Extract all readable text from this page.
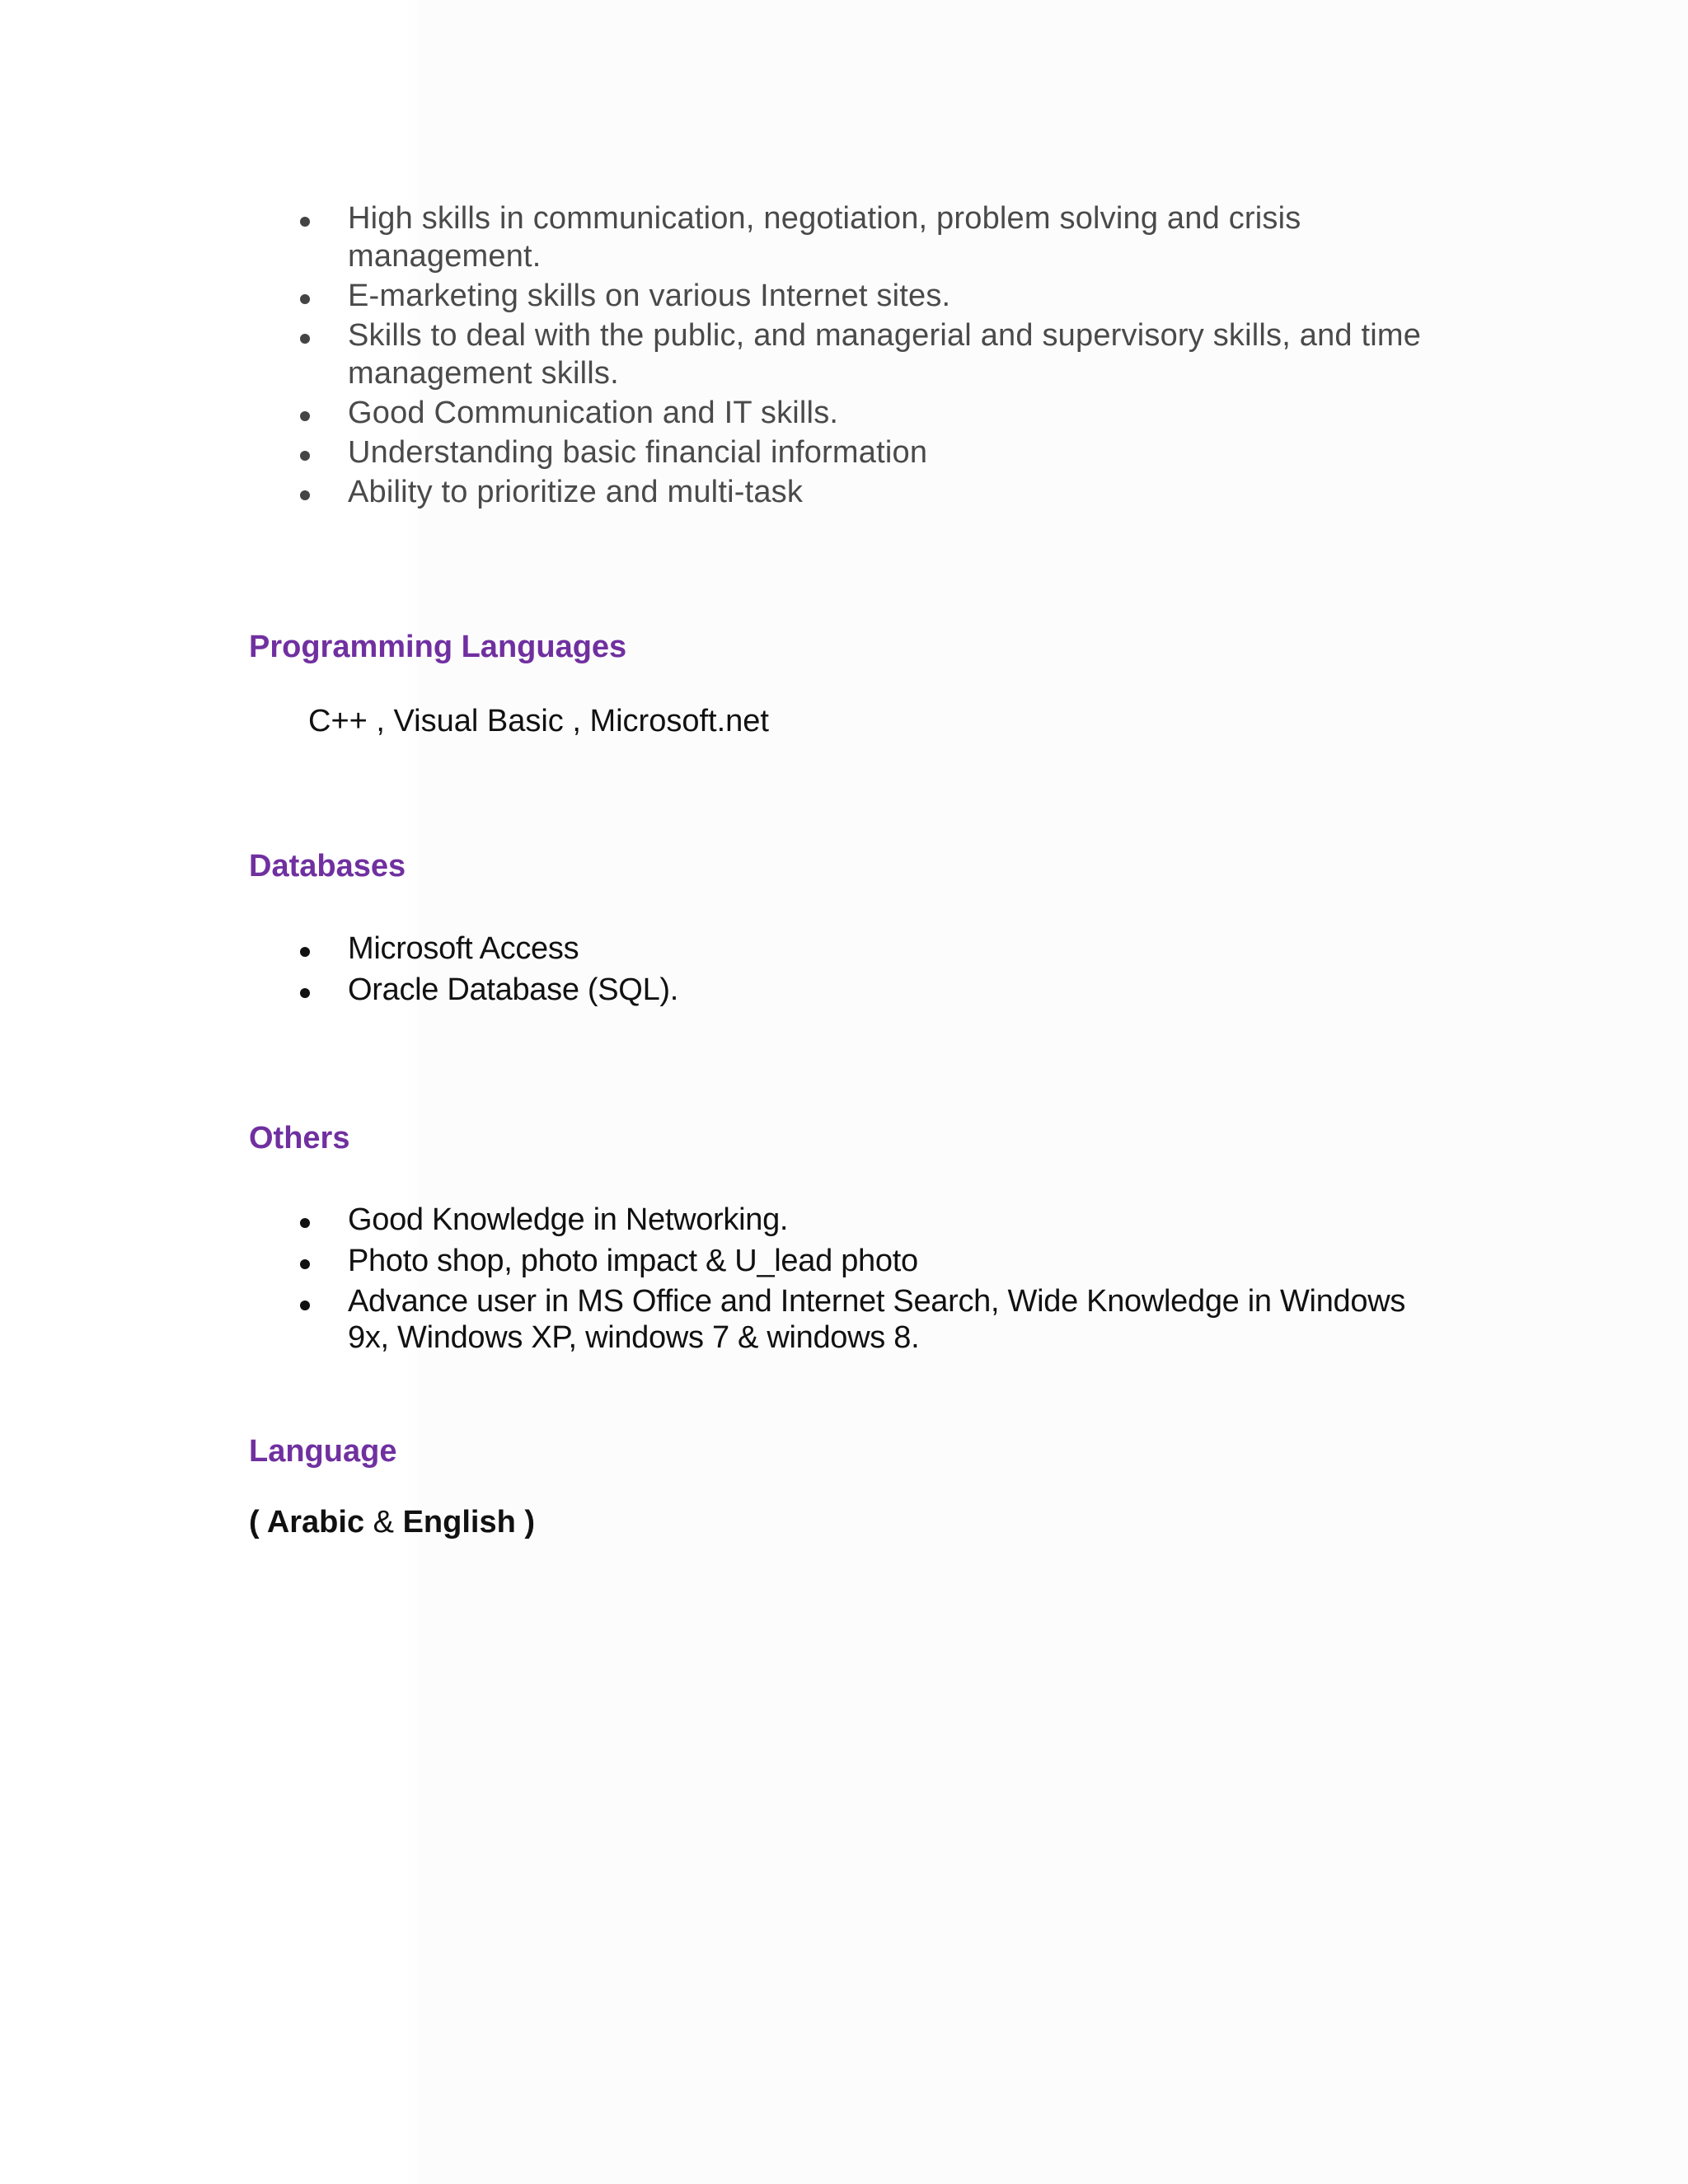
High skills in communication, negotiation, problem solving and crisis management.
E-marketing skills on various Internet sites.
Skills to deal with the public, and managerial and supervisory skills, and time management skills.
Good Communication and IT skills.
Understanding basic financial information
Ability to prioritize and multi-task
Programming Languages
C++ , Visual Basic , Microsoft.net
Databases
Microsoft Access
Oracle Database (SQL).
Others
Good Knowledge in Networking.
Photo shop, photo impact & U_lead photo
Advance user in MS Office and Internet Search, Wide Knowledge in Windows 9x, Windows XP, windows 7 & windows 8.
Language
( Arabic & English )
